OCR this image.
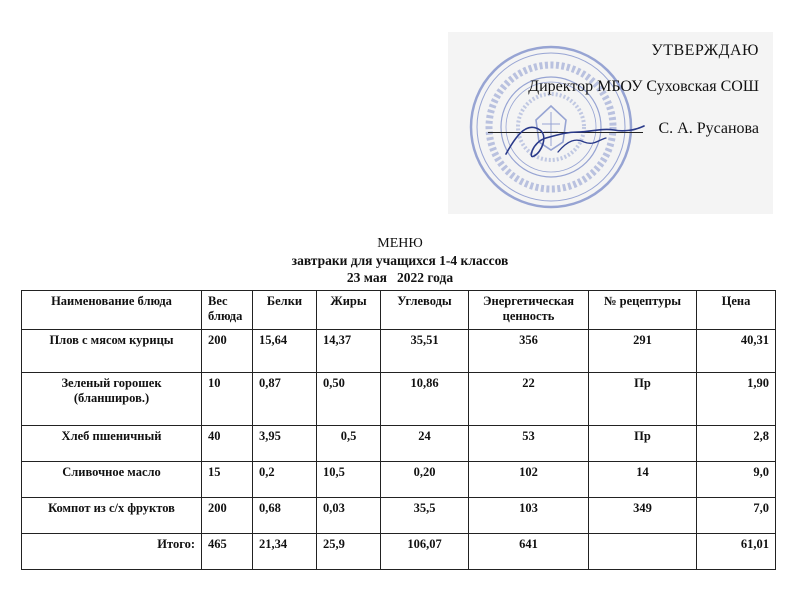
УТВЕРЖДАЮ
Директор МБОУ Суховская СОШ
С. А. Русанова
МЕНЮ
завтраки для учащихся 1-4 классов
23 мая 2022 года
Наименование блюда	Вес блюда	Белки	Жиры	Углеводы	Энергетическая ценность	№ рецептуры	Цена
Плов с мясом курицы	200	15,64	14,37	35,51	356	291	40,31
Зеленый горошек (бланширов.)	10	0,87	0,50	10,86	22	Пр	1,90
Хлеб пшеничный	40	3,95	0,5	24	53	Пр	2,8
Сливочное масло	15	0,2	10,5	0,20	102	14	9,0
Компот из с/х фруктов	200	0,68	0,03	35,5	103	349	7,0
Итого:	465	21,34	25,9	106,07	641		61,01
